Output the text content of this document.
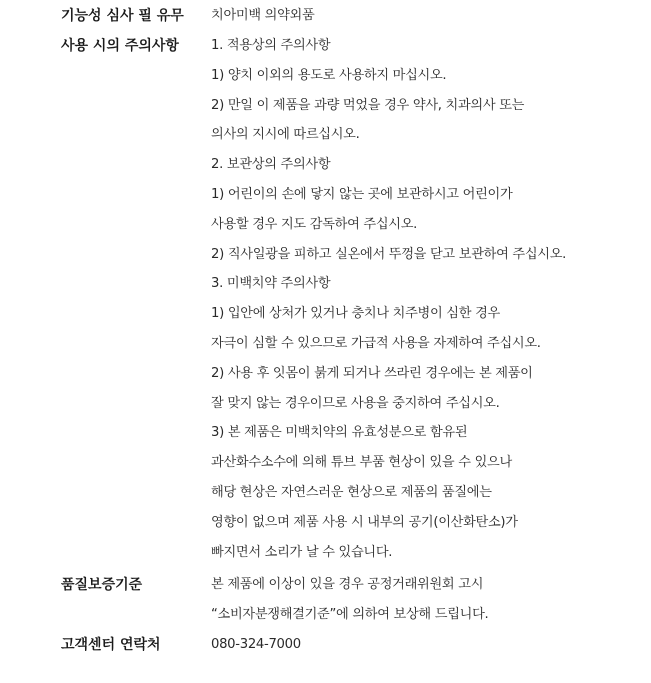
기능성 심사 필 유무 치아미백 의약외품
사용 시의 주의사항 1. 적용상의 주의사항
1) 양치 이외의 용도로 사용하지 마십시오.
2) 만일 이 제품을 과량 먹었을 경우 약사, 치과의사 또는
의사의 지시에 따르십시오.
2. 보관상의 주의사항
1) 어린이의 손에 닿지 않는 곳에 보관하시고 어린이가
사용할 경우 지도 감독하여 주십시오.
2) 직사일광을 피하고 실온에서 뚜껑을 닫고 보관하여 주십시오.
3. 미백치약 주의사항
1) 입안에 상처가 있거나 충치나 치주병이 심한 경우
자극이 심할 수 있으므로 가급적 사용을 자제하여 주십시오.
2) 사용 후 잇몸이 붉게 되거나 쓰라린 경우에는 본 제품이
잘 맞지 않는 경우이므로 사용을 중지하여 주십시오.
3) 본 제품은 미백치약의 유효성분으로 함유된
과산화수소수에 의해 튜브 부품 현상이 있을 수 있으나
해당 현상은 자연스러운 현상으로 제품의 품질에는
영향이 없으며 제품 사용 시 내부의 공기(이산화탄소)가
빠지면서 소리가 날 수 있습니다.
품질보증기준	본 제품에 이상이 있을 경우 공정거래위원회 고시
“소비자분쟁해결기준”에 의하여 보상해 드립니다.
고객센터 연락처	080-324-7000
